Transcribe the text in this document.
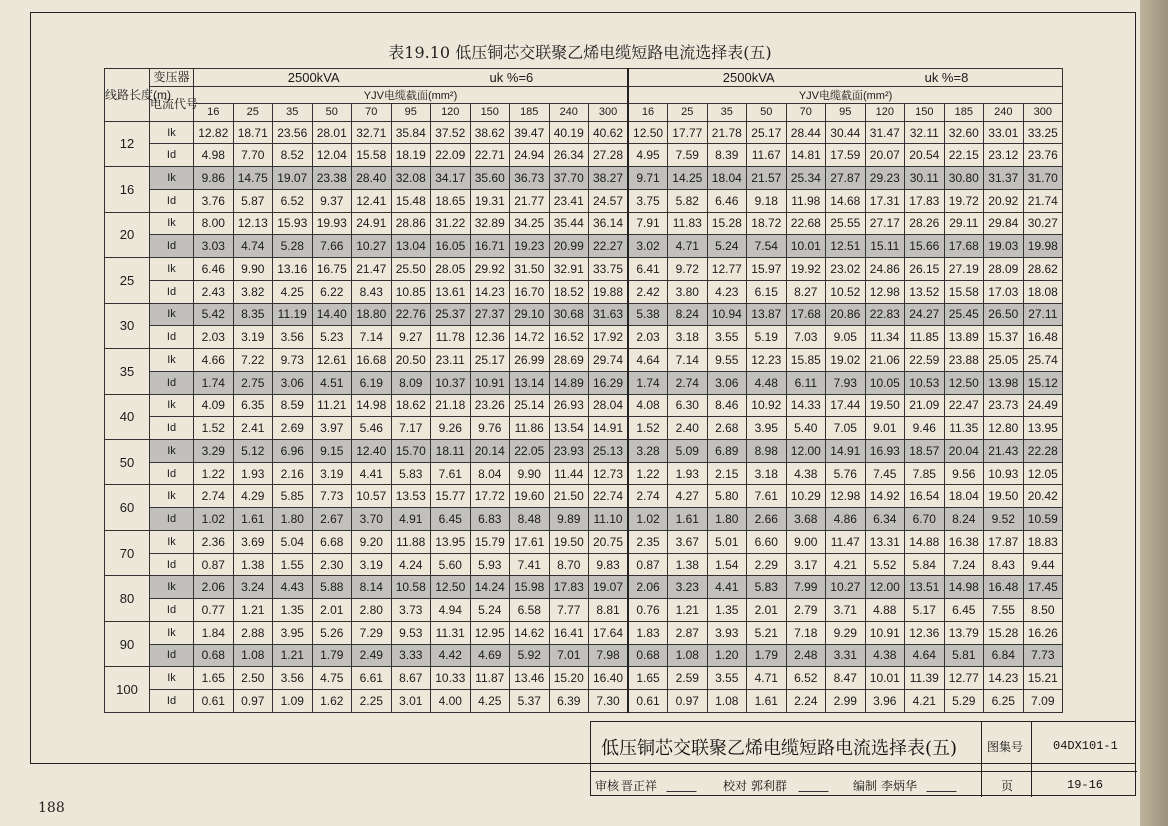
表19.10 低压铜芯交联聚乙烯电缆短路电流选择表(五)
线路长度(m)	变压器	2500kVA uk %=6											2500kVA uk %=8										
	电流代号	YJV电缆截面(mm²)											YJV电缆截面(mm²)										
		16	25	35	50	70	95	120	150	185	240	300	16	25	35	50	70	95	120	150	185	240	300
12	Ik	12.82	18.71	23.56	28.01	32.71	35.84	37.52	38.62	39.47	40.19	40.62	12.50	17.77	21.78	25.17	28.44	30.44	31.47	32.11	32.60	33.01	33.25
	Id	4.98	7.70	8.52	12.04	15.58	18.19	22.09	22.71	24.94	26.34	27.28	4.95	7.59	8.39	11.67	14.81	17.59	20.07	20.54	22.15	23.12	23.76
16	Ik	9.86	14.75	19.07	23.38	28.40	32.08	34.17	35.60	36.73	37.70	38.27	9.71	14.25	18.04	21.57	25.34	27.87	29.23	30.11	30.80	31.37	31.70
	Id	3.76	5.87	6.52	9.37	12.41	15.48	18.65	19.31	21.77	23.41	24.57	3.75	5.82	6.46	9.18	11.98	14.68	17.31	17.83	19.72	20.92	21.74
20	Ik	8.00	12.13	15.93	19.93	24.91	28.86	31.22	32.89	34.25	35.44	36.14	7.91	11.83	15.28	18.72	22.68	25.55	27.17	28.26	29.11	29.84	30.27
	Id	3.03	4.74	5.28	7.66	10.27	13.04	16.05	16.71	19.23	20.99	22.27	3.02	4.71	5.24	7.54	10.01	12.51	15.11	15.66	17.68	19.03	19.98
25	Ik	6.46	9.90	13.16	16.75	21.47	25.50	28.05	29.92	31.50	32.91	33.75	6.41	9.72	12.77	15.97	19.92	23.02	24.86	26.15	27.19	28.09	28.62
	Id	2.43	3.82	4.25	6.22	8.43	10.85	13.61	14.23	16.70	18.52	19.88	2.42	3.80	4.23	6.15	8.27	10.52	12.98	13.52	15.58	17.03	18.08
30	Ik	5.42	8.35	11.19	14.40	18.80	22.76	25.37	27.37	29.10	30.68	31.63	5.38	8.24	10.94	13.87	17.68	20.86	22.83	24.27	25.45	26.50	27.11
	Id	2.03	3.19	3.56	5.23	7.14	9.27	11.78	12.36	14.72	16.52	17.92	2.03	3.18	3.55	5.19	7.03	9.05	11.34	11.85	13.89	15.37	16.48
35	Ik	4.66	7.22	9.73	12.61	16.68	20.50	23.11	25.17	26.99	28.69	29.74	4.64	7.14	9.55	12.23	15.85	19.02	21.06	22.59	23.88	25.05	25.74
	Id	1.74	2.75	3.06	4.51	6.19	8.09	10.37	10.91	13.14	14.89	16.29	1.74	2.74	3.06	4.48	6.11	7.93	10.05	10.53	12.50	13.98	15.12
40	Ik	4.09	6.35	8.59	11.21	14.98	18.62	21.18	23.26	25.14	26.93	28.04	4.08	6.30	8.46	10.92	14.33	17.44	19.50	21.09	22.47	23.73	24.49
	Id	1.52	2.41	2.69	3.97	5.46	7.17	9.26	9.76	11.86	13.54	14.91	1.52	2.40	2.68	3.95	5.40	7.05	9.01	9.46	11.35	12.80	13.95
50	Ik	3.29	5.12	6.96	9.15	12.40	15.70	18.11	20.14	22.05	23.93	25.13	3.28	5.09	6.89	8.98	12.00	14.91	16.93	18.57	20.04	21.43	22.28
	Id	1.22	1.93	2.16	3.19	4.41	5.83	7.61	8.04	9.90	11.44	12.73	1.22	1.93	2.15	3.18	4.38	5.76	7.45	7.85	9.56	10.93	12.05
60	Ik	2.74	4.29	5.85	7.73	10.57	13.53	15.77	17.72	19.60	21.50	22.74	2.74	4.27	5.80	7.61	10.29	12.98	14.92	16.54	18.04	19.50	20.42
	Id	1.02	1.61	1.80	2.67	3.70	4.91	6.45	6.83	8.48	9.89	11.10	1.02	1.61	1.80	2.66	3.68	4.86	6.34	6.70	8.24	9.52	10.59
70	Ik	2.36	3.69	5.04	6.68	9.20	11.88	13.95	15.79	17.61	19.50	20.75	2.35	3.67	5.01	6.60	9.00	11.47	13.31	14.88	16.38	17.87	18.83
	Id	0.87	1.38	1.55	2.30	3.19	4.24	5.60	5.93	7.41	8.70	9.83	0.87	1.38	1.54	2.29	3.17	4.21	5.52	5.84	7.24	8.43	9.44
80	Ik	2.06	3.24	4.43	5.88	8.14	10.58	12.50	14.24	15.98	17.83	19.07	2.06	3.23	4.41	5.83	7.99	10.27	12.00	13.51	14.98	16.48	17.45
	Id	0.77	1.21	1.35	2.01	2.80	3.73	4.94	5.24	6.58	7.77	8.81	0.76	1.21	1.35	2.01	2.79	3.71	4.88	5.17	6.45	7.55	8.50
90	Ik	1.84	2.88	3.95	5.26	7.29	9.53	11.31	12.95	14.62	16.41	17.64	1.83	2.87	3.93	5.21	7.18	9.29	10.91	12.36	13.79	15.28	16.26
	Id	0.68	1.08	1.21	1.79	2.49	3.33	4.42	4.69	5.92	7.01	7.98	0.68	1.08	1.20	1.79	2.48	3.31	4.38	4.64	5.81	6.84	7.73
100	Ik	1.65	2.50	3.56	4.75	6.61	8.67	10.33	11.87	13.46	15.20	16.40	1.65	2.59	3.55	4.71	6.52	8.47	10.01	11.39	12.77	14.23	15.21
	Id	0.61	0.97	1.09	1.62	2.25	3.01	4.00	4.25	5.37	6.39	7.30	0.61	0.97	1.08	1.61	2.24	2.99	3.96	4.21	5.29	6.25	7.09
低压铜芯交联聚乙烯电缆短路电流选择表(五)	图集号 04DX101-1
审核 晋正祥	校对 郭利群	编制 李炳华	页	19-16
188
